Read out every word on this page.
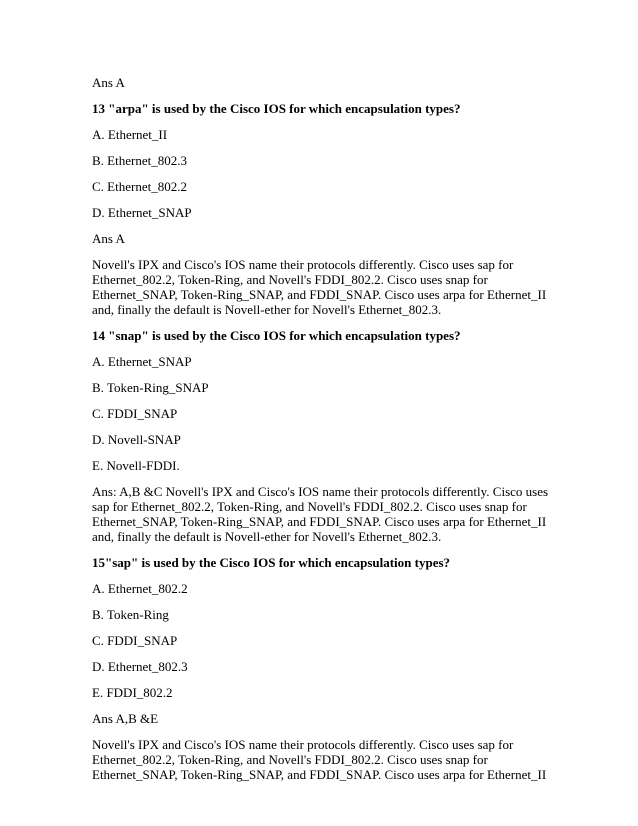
Ans A

13 "arpa" is used by the Cisco IOS for which encapsulation types?

A. Ethernet_II

B. Ethernet_802.3

C. Ethernet_802.2

D. Ethernet_SNAP

Ans A

Novell's IPX and Cisco's IOS name their protocols differently. Cisco uses sap for
Ethernet_802.2, Token-Ring, and Novell's FDDI_802.2. Cisco uses snap for
Ethernet_SNAP, Token-Ring_SNAP, and FDDI_SNAP. Cisco uses arpa for Ethernet_II
and, finally the default is Novell-ether for Novell's Ethernet_802.3.

14 "snap" is used by the Cisco IOS for which encapsulation types?

A. Ethernet_SNAP

B. Token-Ring_SNAP

C. FDDI_SNAP

D. Novell-SNAP

E. Novell-FDDI.

Ans: A,B &C Novell's IPX and Cisco's IOS name their protocols differently. Cisco uses
sap for Ethernet_802.2, Token-Ring, and Novell's FDDI_802.2. Cisco uses snap for
Ethernet_SNAP, Token-Ring_SNAP, and FDDI_SNAP. Cisco uses arpa for Ethernet_II
and, finally the default is Novell-ether for Novell's Ethernet_802.3.

15"sap" is used by the Cisco IOS for which encapsulation types?

A. Ethernet_802.2

B. Token-Ring

C. FDDI_SNAP

D. Ethernet_802.3

E. FDDI_802.2

Ans A,B &E

Novell's IPX and Cisco's IOS name their protocols differently. Cisco uses sap for
Ethernet_802.2, Token-Ring, and Novell's FDDI_802.2. Cisco uses snap for
Ethernet_SNAP, Token-Ring_SNAP, and FDDI_SNAP. Cisco uses arpa for Ethernet_II
